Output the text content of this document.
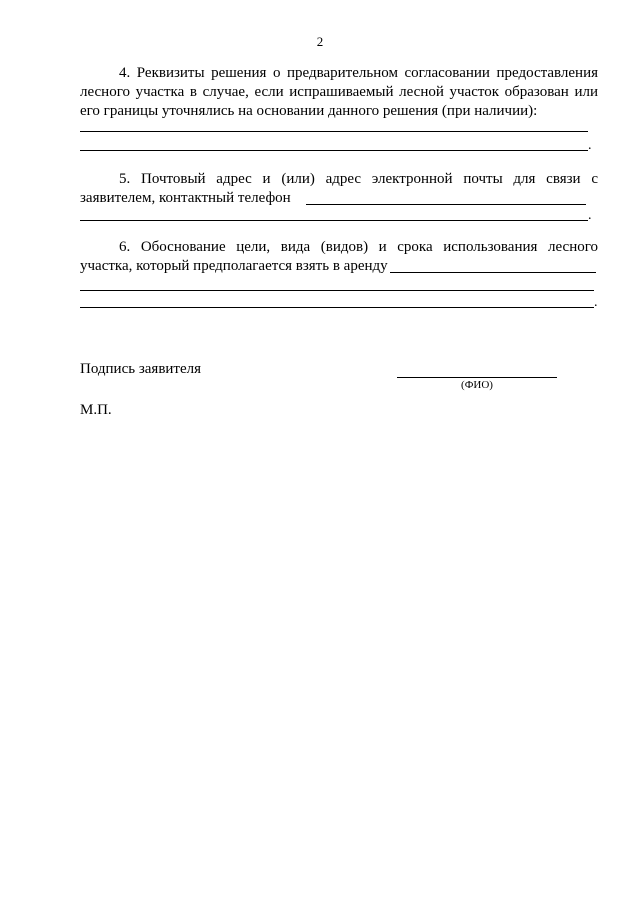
2

4. Реквизиты решения о предварительном согласовании предоставления лесного участка в случае, если испрашиваемый лесной участок образован или его границы уточнялись на основании данного решения (при наличии):

.

5. Почтовый адрес и (или) адрес электронной почты для связи с заявителем, контактный телефон

.

6. Обоснование цели, вида (видов) и срока использования лесного участка, который предполагается взять в аренду

.
Подпись заявителя
(ФИО)
М.П.
